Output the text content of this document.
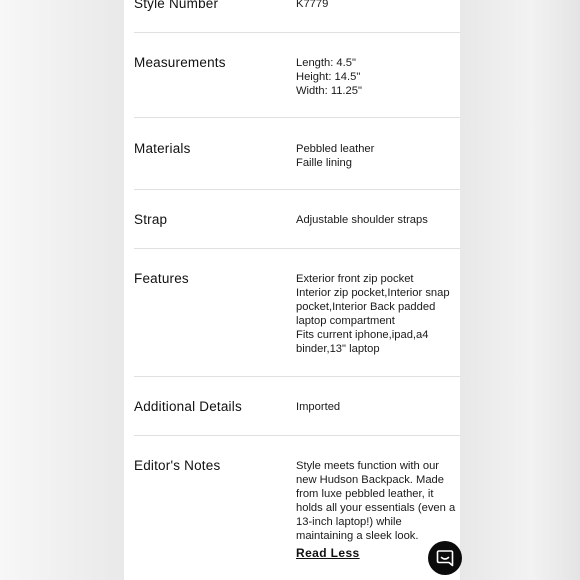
Style Number	K7779
Measurements	Length: 4.5"
Height: 14.5"
Width: 11.25"
Materials	Pebbled leather
Faille lining
Strap	Adjustable shoulder straps
Features	Exterior front zip pocket
Interior zip pocket,Interior snap pocket,Interior Back padded laptop compartment
Fits current iphone,ipad,a4 binder,13" laptop
Additional Details	Imported
Editor's Notes	Style meets function with our new Hudson Backpack. Made from luxe pebbled leather, it holds all your essentials (even a 13-inch laptop!) while maintaining a sleek look.
Read Less
